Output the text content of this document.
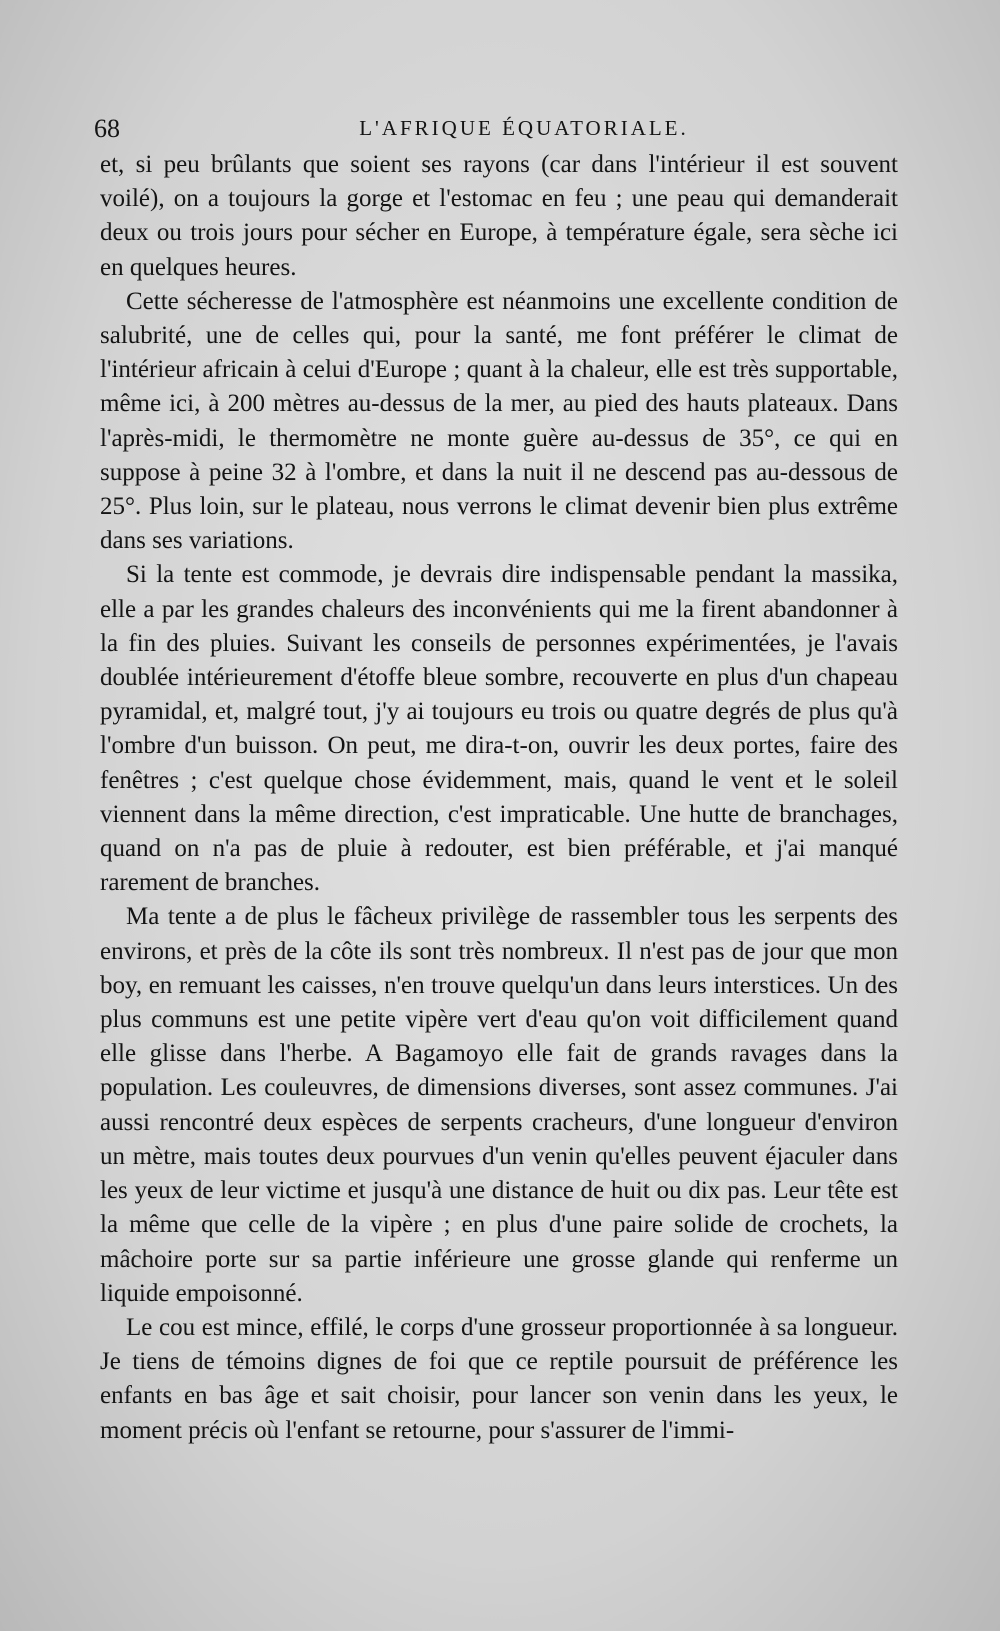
68	L'AFRIQUE ÉQUATORIALE.

et, si peu brûlants que soient ses rayons (car dans l'intérieur il est souvent voilé), on a toujours la gorge et l'estomac en feu ; une peau qui demanderait deux ou trois jours pour sécher en Europe, à température égale, sera sèche ici en quelques heures.

Cette sécheresse de l'atmosphère est néanmoins une excellente condition de salubrité, une de celles qui, pour la santé, me font préférer le climat de l'intérieur africain à celui d'Europe ; quant à la chaleur, elle est très supportable, même ici, à 200 mètres au-dessus de la mer, au pied des hauts plateaux. Dans l'après-midi, le thermomètre ne monte guère au-dessus de 35°, ce qui en suppose à peine 32 à l'ombre, et dans la nuit il ne descend pas au-dessous de 25°. Plus loin, sur le plateau, nous verrons le climat devenir bien plus extrême dans ses variations.

Si la tente est commode, je devrais dire indispensable pendant la massika, elle a par les grandes chaleurs des inconvénients qui me la firent abandonner à la fin des pluies. Suivant les conseils de personnes expérimentées, je l'avais doublée intérieurement d'étoffe bleue sombre, recouverte en plus d'un chapeau pyramidal, et, malgré tout, j'y ai toujours eu trois ou quatre degrés de plus qu'à l'ombre d'un buisson. On peut, me dira-t-on, ouvrir les deux portes, faire des fenêtres ; c'est quelque chose évidemment, mais, quand le vent et le soleil viennent dans la même direction, c'est impraticable. Une hutte de branchages, quand on n'a pas de pluie à redouter, est bien préférable, et j'ai manqué rarement de branches.

Ma tente a de plus le fâcheux privilège de rassembler tous les serpents des environs, et près de la côte ils sont très nombreux. Il n'est pas de jour que mon boy, en remuant les caisses, n'en trouve quelqu'un dans leurs interstices. Un des plus communs est une petite vipère vert d'eau qu'on voit difficilement quand elle glisse dans l'herbe. A Bagamoyo elle fait de grands ravages dans la population. Les couleuvres, de dimensions diverses, sont assez communes. J'ai aussi rencontré deux espèces de serpents cracheurs, d'une longueur d'environ un mètre, mais toutes deux pourvues d'un venin qu'elles peuvent éjaculer dans les yeux de leur victime et jusqu'à une distance de huit ou dix pas. Leur tête est la même que celle de la vipère ; en plus d'une paire solide de crochets, la mâchoire porte sur sa partie inférieure une grosse glande qui renferme un liquide empoisonné.

Le cou est mince, effilé, le corps d'une grosseur proportionnée à sa longueur. Je tiens de témoins dignes de foi que ce reptile poursuit de préférence les enfants en bas âge et sait choisir, pour lancer son venin dans les yeux, le moment précis où l'enfant se retourne, pour s'assurer de l'immi-
